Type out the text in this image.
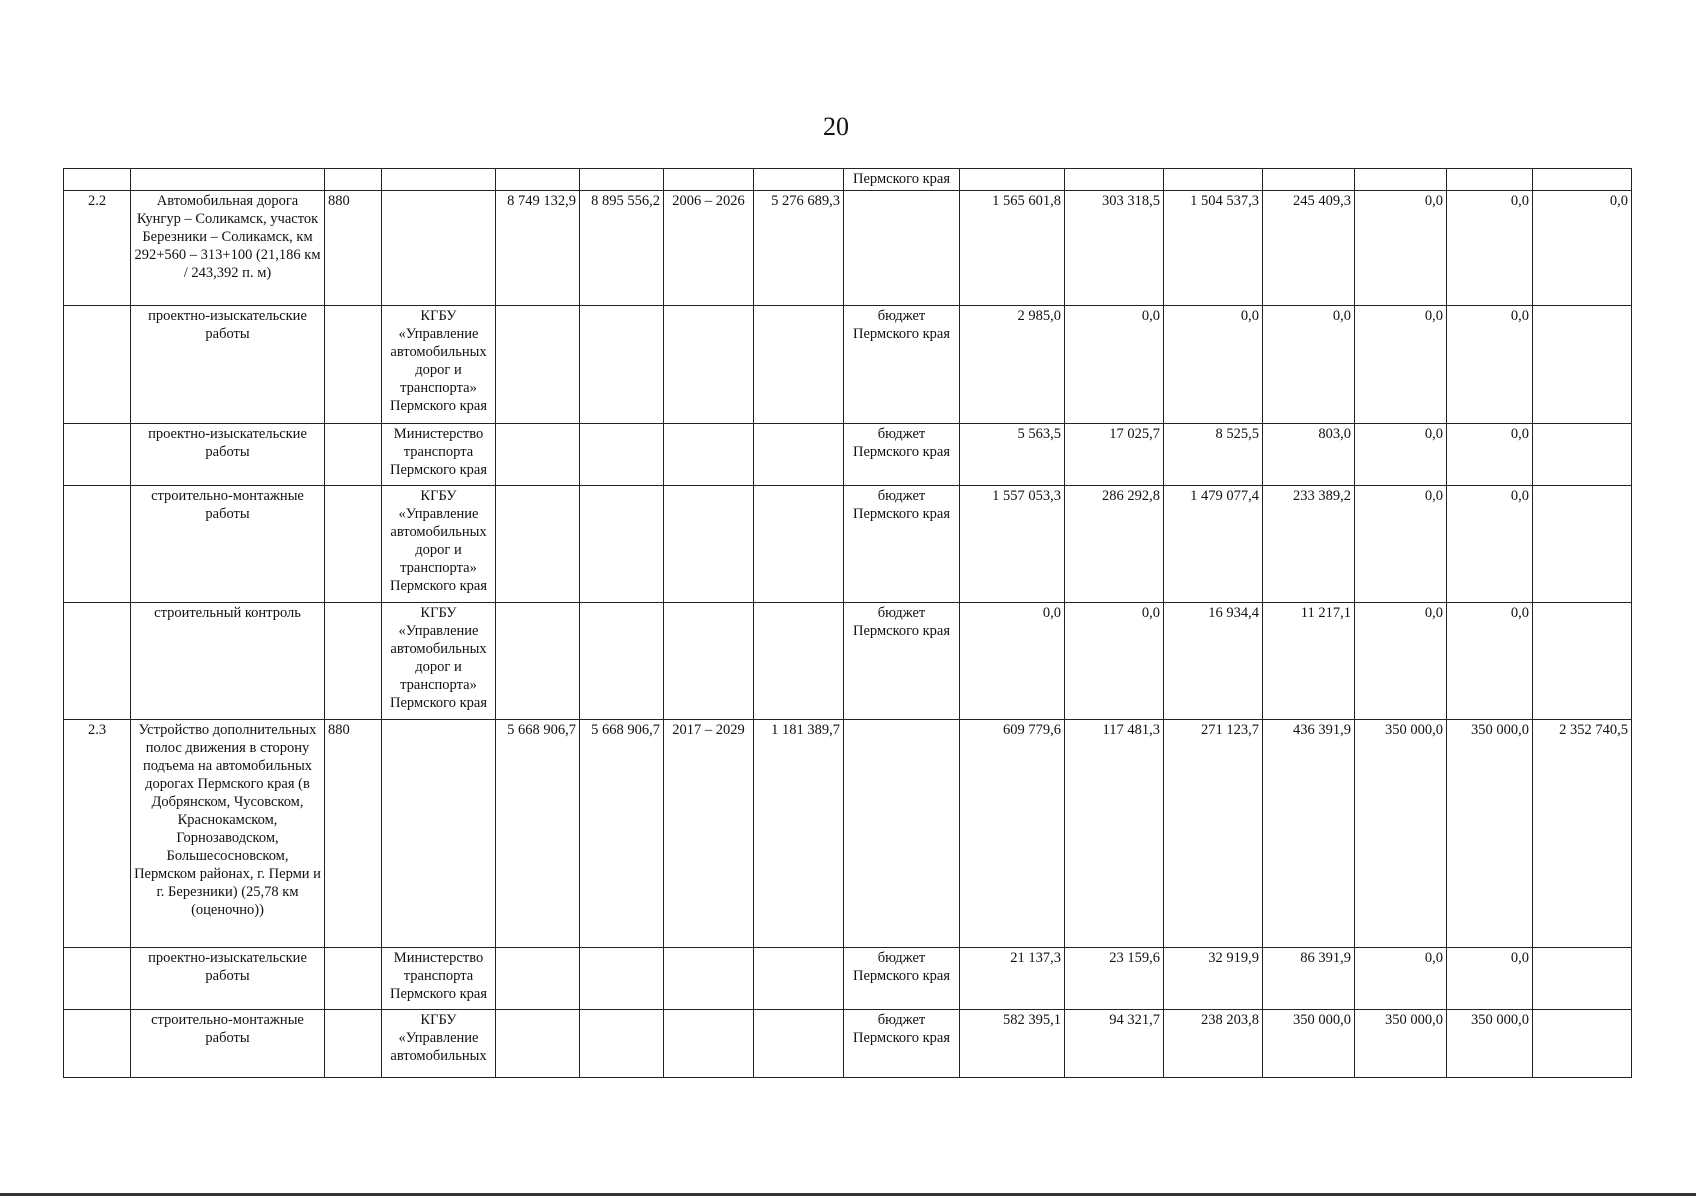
20
								Пермского края							
2.2	Автомобильная дорога Кунгур – Соликамск, участок Березники – Соликамск, км 292+560 – 313+100 (21,186 км / 243,392 п. м)	880		8 749 132,9	8 895 556,2	2006 – 2026	5 276 689,3		1 565 601,8	303 318,5	1 504 537,3	245 409,3	0,0	0,0	0,0
	проектно-изыскательские работы		КГБУ «Управление автомобильных дорог и транспорта» Пермского края					бюджет Пермского края	2 985,0	0,0	0,0	0,0	0,0	0,0	
	проектно-изыскательские работы		Министерство транспорта Пермского края					бюджет Пермского края	5 563,5	17 025,7	8 525,5	803,0	0,0	0,0	
	строительно-монтажные работы		КГБУ «Управление автомобильных дорог и транспорта» Пермского края					бюджет Пермского края	1 557 053,3	286 292,8	1 479 077,4	233 389,2	0,0	0,0	
	строительный контроль		КГБУ «Управление автомобильных дорог и транспорта» Пермского края					бюджет Пермского края	0,0	0,0	16 934,4	11 217,1	0,0	0,0	
2.3	Устройство дополнительных полос движения в сторону подъема на автомобильных дорогах Пермского края (в Добрянском, Чусовском, Краснокамском, Горнозаводском, Большесосновском, Пермском районах, г. Перми и г. Березники) (25,78 км (оценочно))	880		5 668 906,7	5 668 906,7	2017 – 2029	1 181 389,7		609 779,6	117 481,3	271 123,7	436 391,9	350 000,0	350 000,0	2 352 740,5
	проектно-изыскательские работы		Министерство транспорта Пермского края					бюджет Пермского края	21 137,3	23 159,6	32 919,9	86 391,9	0,0	0,0	
	строительно-монтажные работы		КГБУ «Управление автомобильных					бюджет Пермского края	582 395,1	94 321,7	238 203,8	350 000,0	350 000,0	350 000,0	
